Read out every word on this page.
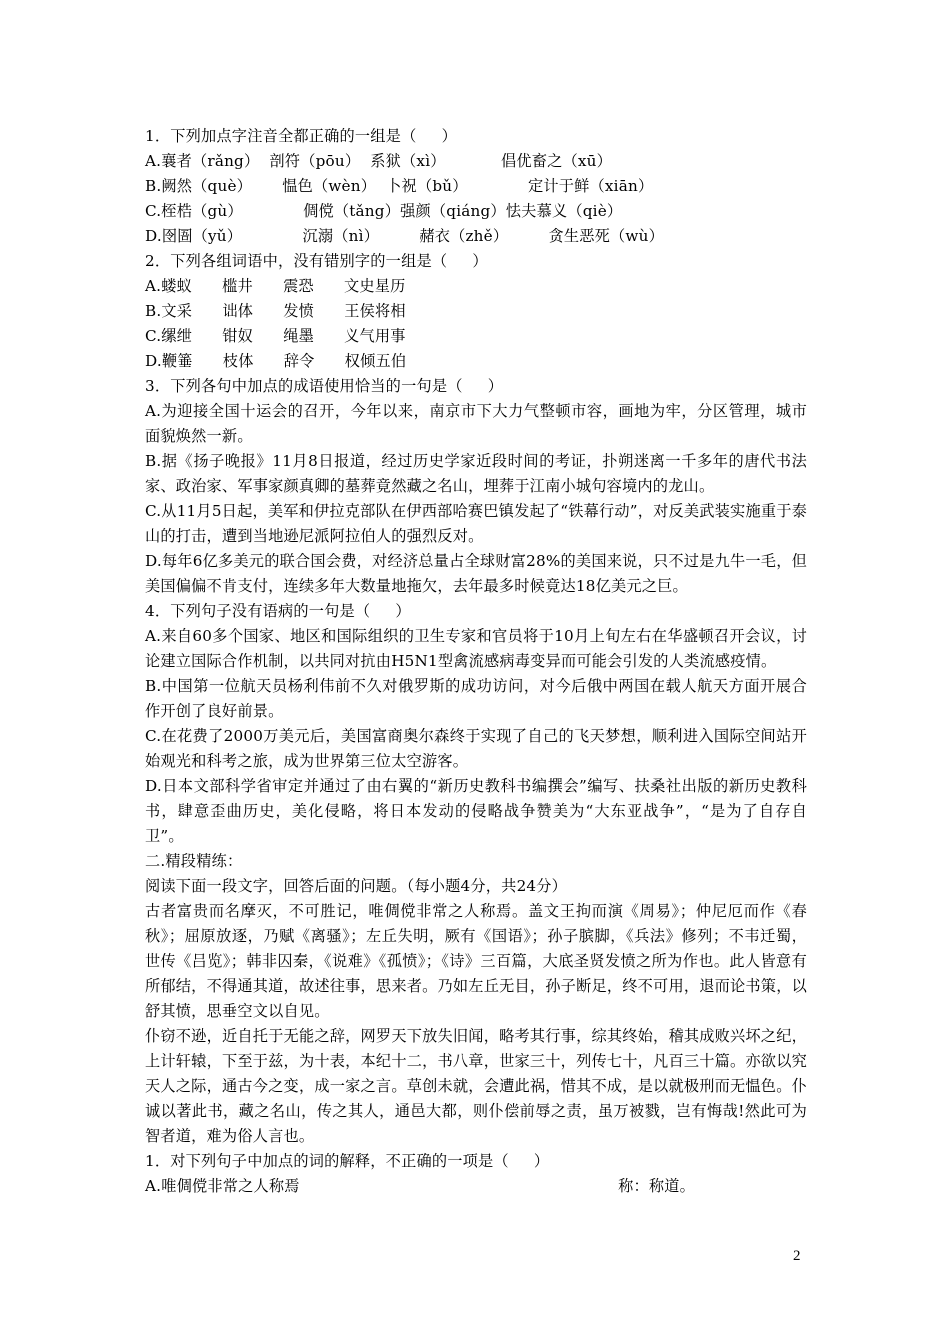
1．下列加点字注音全都正确的一组是（     ）

A.襄者（rǎng）  剖符（pōu）  系狱（xì）           倡优畜之（xū）

B.阙然（què）      愠色（wèn）  卜祝（bǔ）            定计于鲜（xiān）

C.桎梏（gù）            倜傥（tǎng）强颜（qiáng）怯夫慕义（qiè）

D.囹圄（yǔ）            沉溺（nì）        赭衣（zhě）        贪生恶死（wù）

2．下列各组词语中，没有错别字的一组是（     ）

A.蝼蚁      槛井      震恐      文史星历

B.文采      诎体      发愤      王侯将相

C.缧绁      钳奴      绳墨      义气用事

D.鞭箠      枝体      辞令      权倾五伯

3．下列各句中加点的成语使用恰当的一句是（     ）

A.为迎接全国十运会的召开，今年以来，南京市下大力气整顿市容，画地为牢，分区管理，城市面貌焕然一新。

B.据《扬子晚报》11月8日报道，经过历史学家近段时间的考证，扑朔迷离一千多年的唐代书法家、政治家、军事家颜真卿的墓葬竟然藏之名山，埋葬于江南小城句容境内的龙山。

C.从11月5日起，美军和伊拉克部队在伊西部哈赛巴镇发起了“铁幕行动”，对反美武装实施重于泰山的打击，遭到当地逊尼派阿拉伯人的强烈反对。

D.每年6亿多美元的联合国会费，对经济总量占全球财富28%的美国来说，只不过是九牛一毛，但美国偏偏不肯支付，连续多年大数量地拖欠，去年最多时候竟达18亿美元之巨。

4．下列句子没有语病的一句是（     ）

A.来自60多个国家、地区和国际组织的卫生专家和官员将于10月上旬左右在华盛顿召开会议，讨论建立国际合作机制，以共同对抗由H5N1型禽流感病毒变异而可能会引发的人类流感疫情。

B.中国第一位航天员杨利伟前不久对俄罗斯的成功访问，对今后俄中两国在载人航天方面开展合作开创了良好前景。

C.在花费了2000万美元后，美国富商奥尔森终于实现了自己的飞天梦想，顺利进入国际空间站开始观光和科考之旅，成为世界第三位太空游客。

D.日本文部科学省审定并通过了由右翼的“新历史教科书编撰会”编写、扶桑社出版的新历史教科书，肆意歪曲历史，美化侵略，将日本发动的侵略战争赞美为“大东亚战争”，“是为了自存自卫”。

二.精段精练：

阅读下面一段文字，回答后面的问题。（每小题4分，共24分）

古者富贵而名摩灭，不可胜记，唯倜傥非常之人称焉。盖文王拘而演《周易》；仲尼厄而作《春秋》；屈原放逐，乃赋《离骚》；左丘失明，厥有《国语》；孙子膑脚，《兵法》修列；不韦迁蜀，世传《吕览》；韩非囚秦，《说难》《孤愤》；《诗》三百篇，大底圣贤发愤之所为作也。此人皆意有所郁结，不得通其道，故述往事，思来者。乃如左丘无目，孙子断足，终不可用，退而论书策，以舒其愤，思垂空文以自见。

仆窃不逊，近自托于无能之辞，网罗天下放失旧闻，略考其行事，综其终始，稽其成败兴坏之纪，上计轩辕，下至于兹，为十表，本纪十二，书八章，世家三十，列传七十，凡百三十篇。亦欲以究天人之际，通古今之变，成一家之言。草创未就，会遭此祸，惜其不成，是以就极刑而无愠色。仆诚以著此书，藏之名山，传之其人，通邑大都，则仆偿前辱之责，虽万被戮，岂有悔哉!然此可为智者道，难为俗人言也。

1．对下列句子中加点的词的解释，不正确的一项是（     ）

A.唯倜傥非常之人称焉	称：称道。
2
